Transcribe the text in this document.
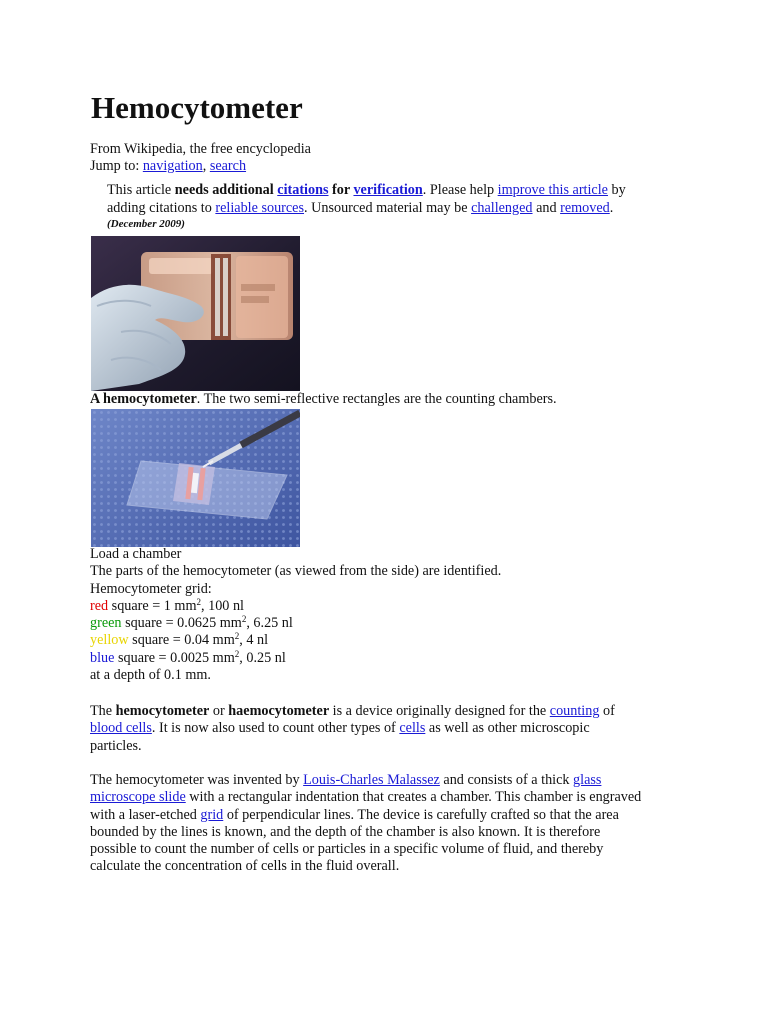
Hemocytometer
From Wikipedia, the free encyclopedia
Jump to: navigation, search
This article needs additional citations for verification. Please help improve this article by
adding citations to reliable sources. Unsourced material may be challenged and removed.
(December 2009)
A hemocytometer. The two semi-reflective rectangles are the counting chambers.

Load a chamber

The parts of the hemocytometer (as viewed from the side) are identified.

Hemocytometer grid:

red square = 1 $mm^2$, 100 nl

green square = 0.0625 $mm^2$, 6.25 nl

yellow square = 0.04 $mm^2$, 4 nl

blue square = 0.0025 $mm^2$, 0.25 nl

at a depth of 0.1 mm.

The hemocytometer or haemocytometer is a device originally designed for the counting of

blood cells. It is now also used to count other types of cells as well as other microscopic

particles.

The hemocytometer was invented by Louis-Charles Malassez and consists of a thick glass

microscope slide with a rectangular indentation that creates a chamber. This chamber is engraved

with a laser-etched grid of perpendicular lines. The device is carefully crafted so that the area

bounded by the lines is known, and the depth of the chamber is also known. It is therefore

possible to count the number of cells or particles in a specific volume of fluid, and thereby

calculate the concentration of cells in the fluid overall.
